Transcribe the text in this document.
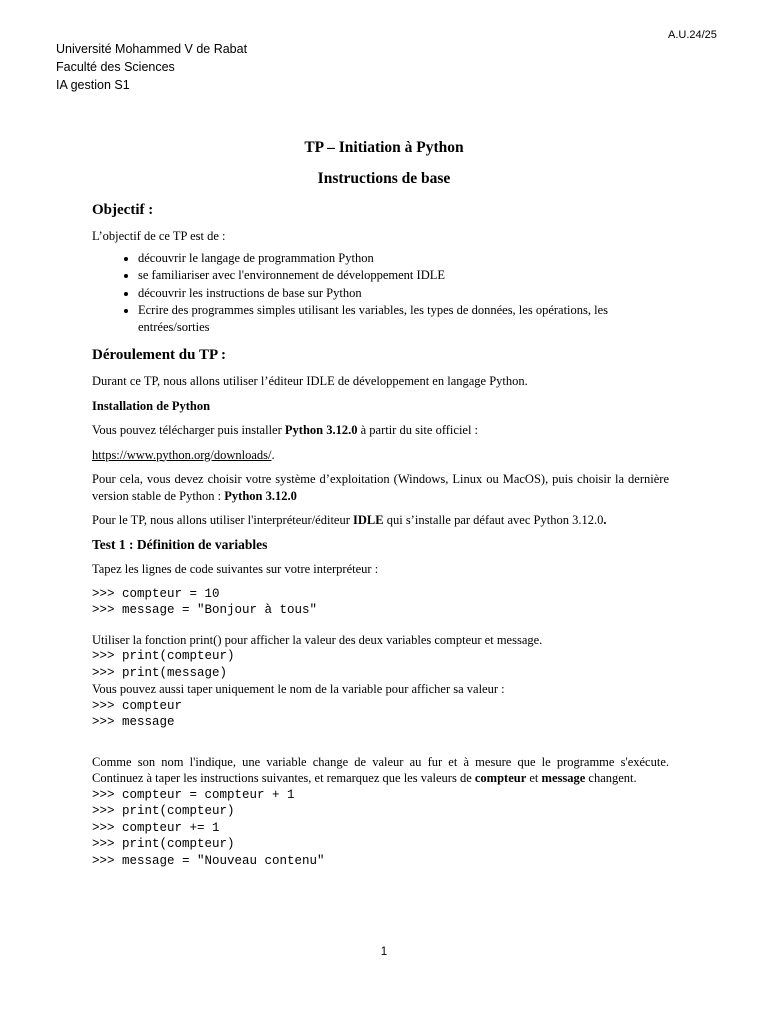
A.U.24/25
Université Mohammed V de Rabat
Faculté des Sciences
IA gestion S1
TP – Initiation à Python
Instructions de base

Objectif :

L’objectif de ce TP est de :

• découvrir le langage de programmation Python
• se familiariser avec l'environnement de développement IDLE
• découvrir les instructions de base sur Python
• Ecrire des programmes simples utilisant les variables, les types de données, les opérations, les entrées/sorties

Déroulement du TP :

Durant ce TP, nous allons utiliser l’éditeur IDLE de développement en langage Python.

Installation de Python

Vous pouvez télécharger puis installer Python 3.12.0 à partir du site officiel :

https://www.python.org/downloads/.

Pour cela, vous devez choisir votre système d’exploitation (Windows, Linux ou MacOS), puis choisir la dernière version stable de Python : Python 3.12.0

Pour le TP, nous allons utiliser l'interpréteur/éditeur IDLE qui s’installe par défaut avec Python 3.12.0.

Test 1 : Définition de variables

Tapez les lignes de code suivantes sur votre interpréteur :

>>> compteur = 10
>>> message = "Bonjour à tous"

Utiliser la fonction print() pour afficher la valeur des deux variables compteur et message.

>>> print(compteur)
>>> print(message)

Vous pouvez aussi taper uniquement le nom de la variable pour afficher sa valeur :

>>> compteur
>>> message

Comme son nom l'indique, une variable change de valeur au fur et à mesure que le programme s'exécute. Continuez à taper les instructions suivantes, et remarquez que les valeurs de compteur et message changent.

>>> compteur = compteur + 1
>>> print(compteur)
>>> compteur += 1
>>> print(compteur)
>>> message = "Nouveau contenu"
1
